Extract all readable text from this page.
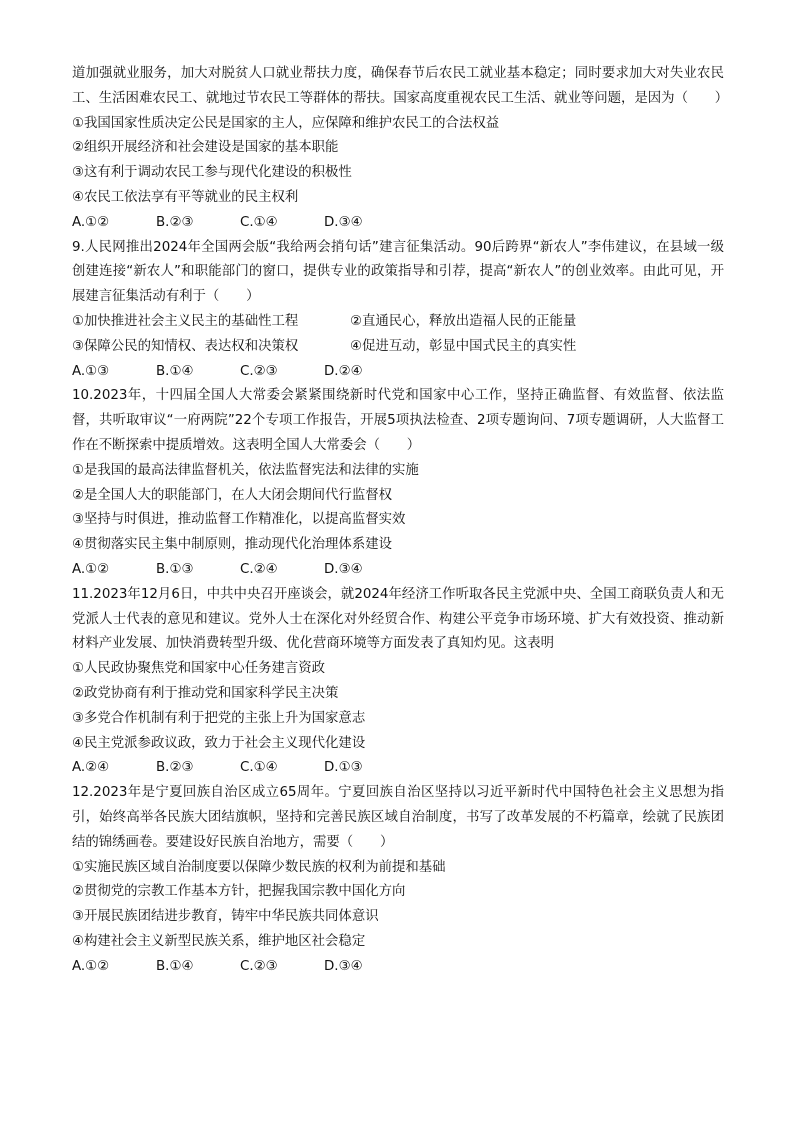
道加强就业服务，加大对脱贫人口就业帮扶力度，确保春节后农民工就业基本稳定；同时要求加大对失业农民工、生活困难农民工、就地过节农民工等群体的帮扶。国家高度重视农民工生活、就业等问题，是因为（　　）

①我国国家性质决定公民是国家的主人，应保障和维护农民工的合法权益

②组织开展经济和社会建设是国家的基本职能

③这有利于调动农民工参与现代化建设的积极性

④农民工依法享有平等就业的民主权利

A.①②	B.②③	C.①④	D.③④

9.人民网推出2024年全国两会版“我给两会捎句话”建言征集活动。90后跨界“新农人”李伟建议，在县域一级创建连接“新农人”和职能部门的窗口，提供专业的政策指导和引荐，提高“新农人”的创业效率。由此可见，开展建言征集活动有利于（　　）

①加快推进社会主义民主的基础性工程	②直通民心，释放出造福人民的正能量
③保障公民的知情权、表达权和决策权	④促进互动，彰显中国式民主的真实性
A.①③	B.①④	C.②③	D.②④

10.2023年，十四届全国人大常委会紧紧围绕新时代党和国家中心工作，坚持正确监督、有效监督、依法监督，共听取审议“一府两院”22个专项工作报告，开展5项执法检查、2项专题询问、7项专题调研，人大监督工作在不断探索中提质增效。这表明全国人大常委会（　　）

①是我国的最高法律监督机关，依法监督宪法和法律的实施

②是全国人大的职能部门，在人大闭会期间代行监督权

③坚持与时俱进，推动监督工作精准化，以提高监督实效

④贯彻落实民主集中制原则，推动现代化治理体系建设

A.①②	B.①③	C.②④	D.③④

11.2023年12月6日，中共中央召开座谈会，就2024年经济工作听取各民主党派中央、全国工商联负责人和无党派人士代表的意见和建议。党外人士在深化对外经贸合作、构建公平竞争市场环境、扩大有效投资、推动新材料产业发展、加快消费转型升级、优化营商环境等方面发表了真知灼见。这表明

①人民政协聚焦党和国家中心任务建言资政

②政党协商有利于推动党和国家科学民主决策

③多党合作机制有利于把党的主张上升为国家意志

④民主党派参政议政，致力于社会主义现代化建设

A.②④	B.②③	C.①④	D.①③

12.2023年是宁夏回族自治区成立65周年。宁夏回族自治区坚持以习近平新时代中国特色社会主义思想为指引，始终高举各民族大团结旗帜，坚持和完善民族区域自治制度，书写了改革发展的不朽篇章，绘就了民族团结的锦绣画卷。要建设好民族自治地方，需要（　　）

①实施民族区域自治制度要以保障少数民族的权利为前提和基础

②贯彻党的宗教工作基本方针，把握我国宗教中国化方向

③开展民族团结进步教育，铸牢中华民族共同体意识

④构建社会主义新型民族关系，维护地区社会稳定

A.①②	B.①④	C.②③	D.③④
